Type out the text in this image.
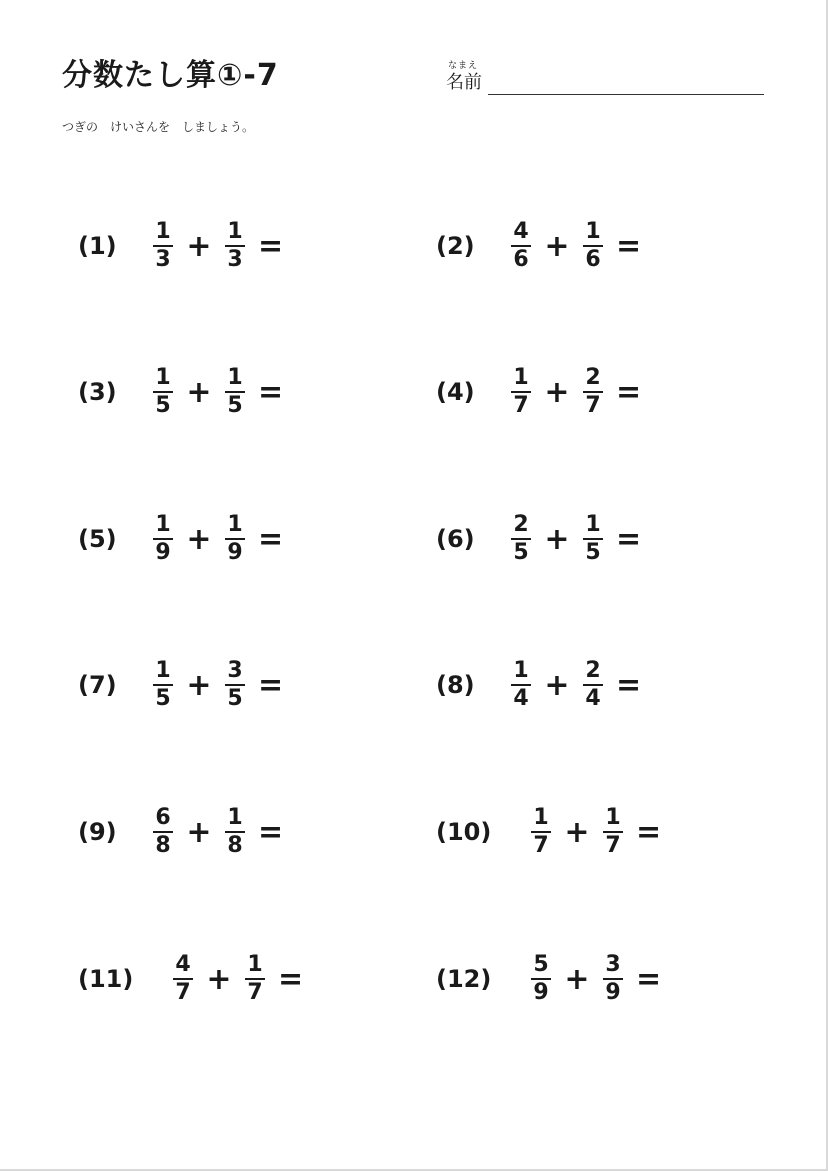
分数たし算①-7	なまえ
名前
つぎの　けいさんを　しましょう。
(1)	$\frac{1}{3} + \frac{1}{3}$ =	(2)	$\frac{4}{6} + \frac{1}{6}$ =
(3)	$\frac{1}{5} + \frac{1}{5}$ =	(4)	$\frac{1}{7} + \frac{2}{7}$ =
(5)	$\frac{1}{9} + \frac{1}{9}$ =	(6)	$\frac{2}{5} + \frac{1}{5}$ =
(7)	$\frac{1}{5} + \frac{3}{5}$ =	(8)	$\frac{1}{4} + \frac{2}{4}$ =
(9)	$\frac{6}{8} + \frac{1}{8}$ =	(10)	$\frac{1}{7} + \frac{1}{7}$ =
(11)	$\frac{4}{7} + \frac{1}{7}$ =	(12)	$\frac{5}{9} + \frac{3}{9}$ =
